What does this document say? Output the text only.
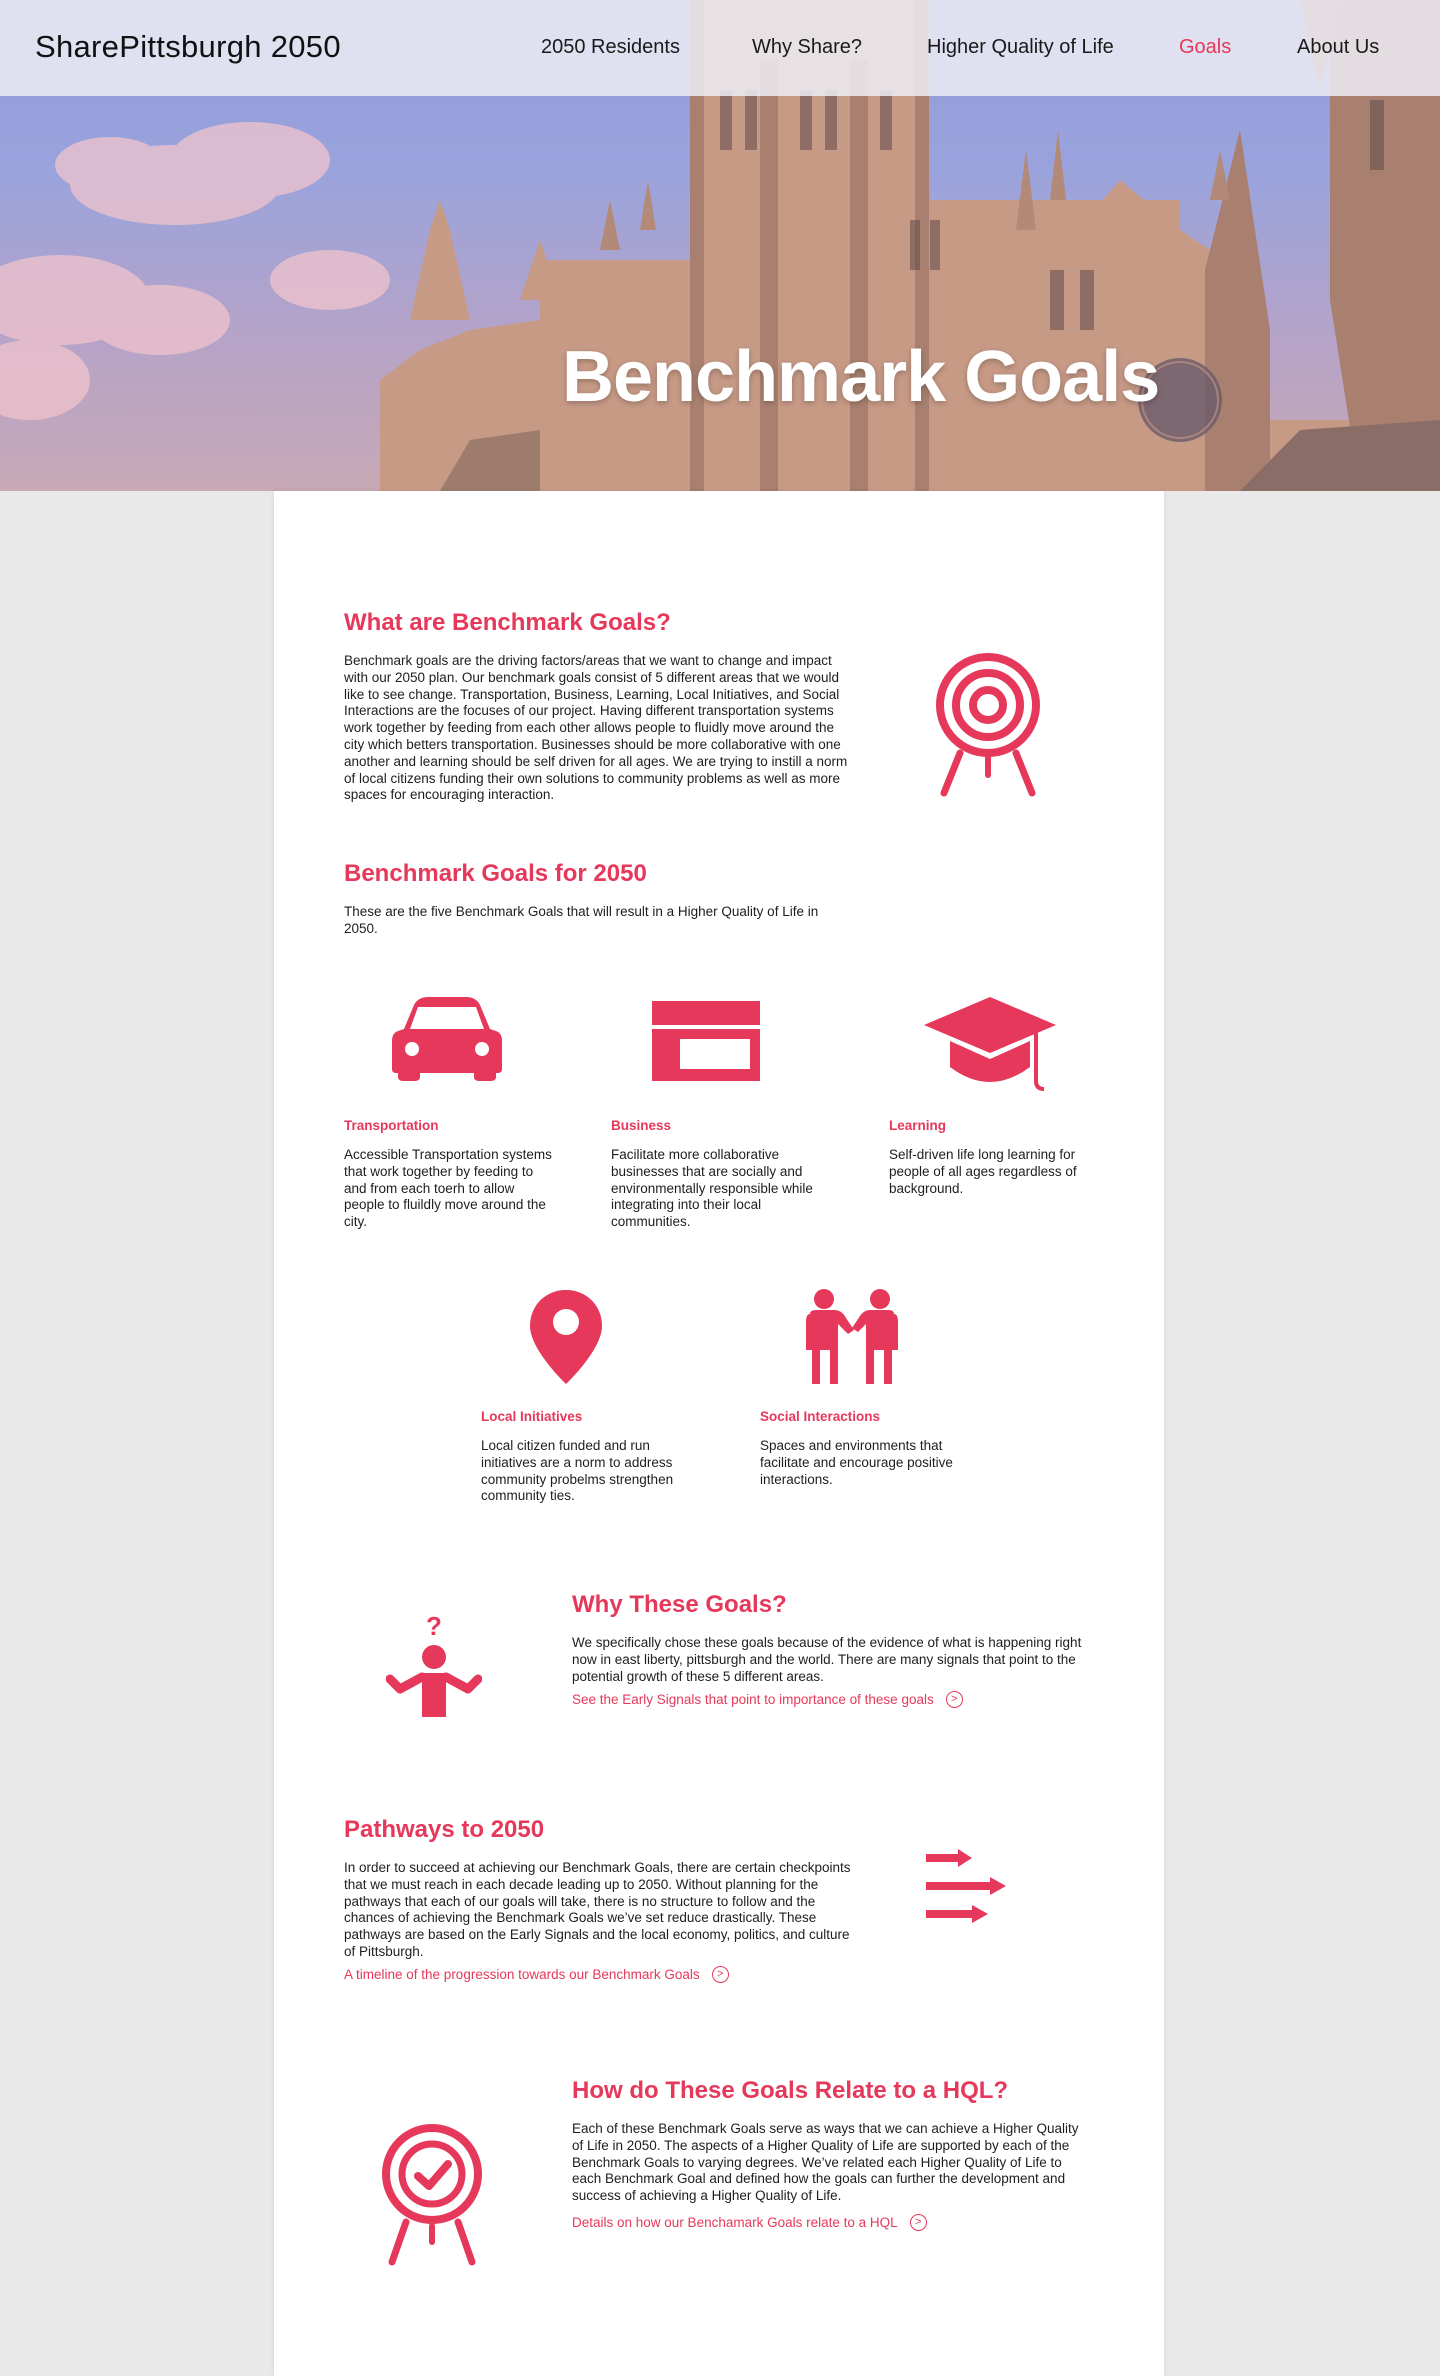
Benchmark Goals
SharePittsburgh 2050	2050 Residents	Why Share?	Higher Quality of Life	Goals	About Us
What are Benchmark Goals?
Benchmark goals are the driving factors/areas that we want to change and impact with our 2050 plan. Our benchmark goals consist of 5 different areas that we would like to see change. Transportation, Business, Learning, Local Initiatives, and Social Interactions are the focuses of our project. Having different transportation systems work together by feeding from each other allows people to fluidly move around the city which betters transportation. Businesses should be more collaborative with one another and learning should be self driven for all ages. We are trying to instill a norm of local citizens funding their own solutions to community problems as well as more spaces for encouraging interaction.
Benchmark Goals for 2050
These are the five Benchmark Goals that will result in a Higher Quality of Life in 2050.
Transportation
Accessible Transportation systems that work together by feeding to and from each toerh to allow people to fluildly move around the city.
Business
Facilitate more collaborative businesses that are socially and environmentally responsible while integrating into their local communities.
Learning
Self-driven life long learning for people of all ages regardless of background.
Local Initiatives
Local citizen funded and run initiatives are a norm to address community probelms strengthen community ties.
Social Interactions
Spaces and environments that facilitate and encourage positive interactions.
?
Why These Goals?
We specifically chose these goals because of the evidence of what is happening right now in east liberty, pittsburgh and the world. There are many signals that point to the potential growth of these 5 different areas.
See the Early Signals that point to importance of these goals	>
Pathways to 2050
In order to succeed at achieving our Benchmark Goals, there are certain checkpoints that we must reach in each decade leading up to 2050. Without planning for the pathways that each of our goals will take, there is no structure to follow and the chances of achieving the Benchmark Goals we’ve set reduce drastically. These pathways are based on the Early Signals and the local economy, politics, and culture of Pittsburgh.
A timeline of the progression towards our Benchmark Goals	>
How do These Goals Relate to a HQL?
Each of these Benchmark Goals serve as ways that we can achieve a Higher Quality of Life in 2050. The aspects of a Higher Quality of Life are supported by each of the Benchmark Goals to varying degrees. We’ve related each Higher Quality of Life to each Benchmark Goal and defined how the goals can further the development and success of achieving a Higher Quality of Life.
Details on how our Benchamark Goals relate to a HQL	>
